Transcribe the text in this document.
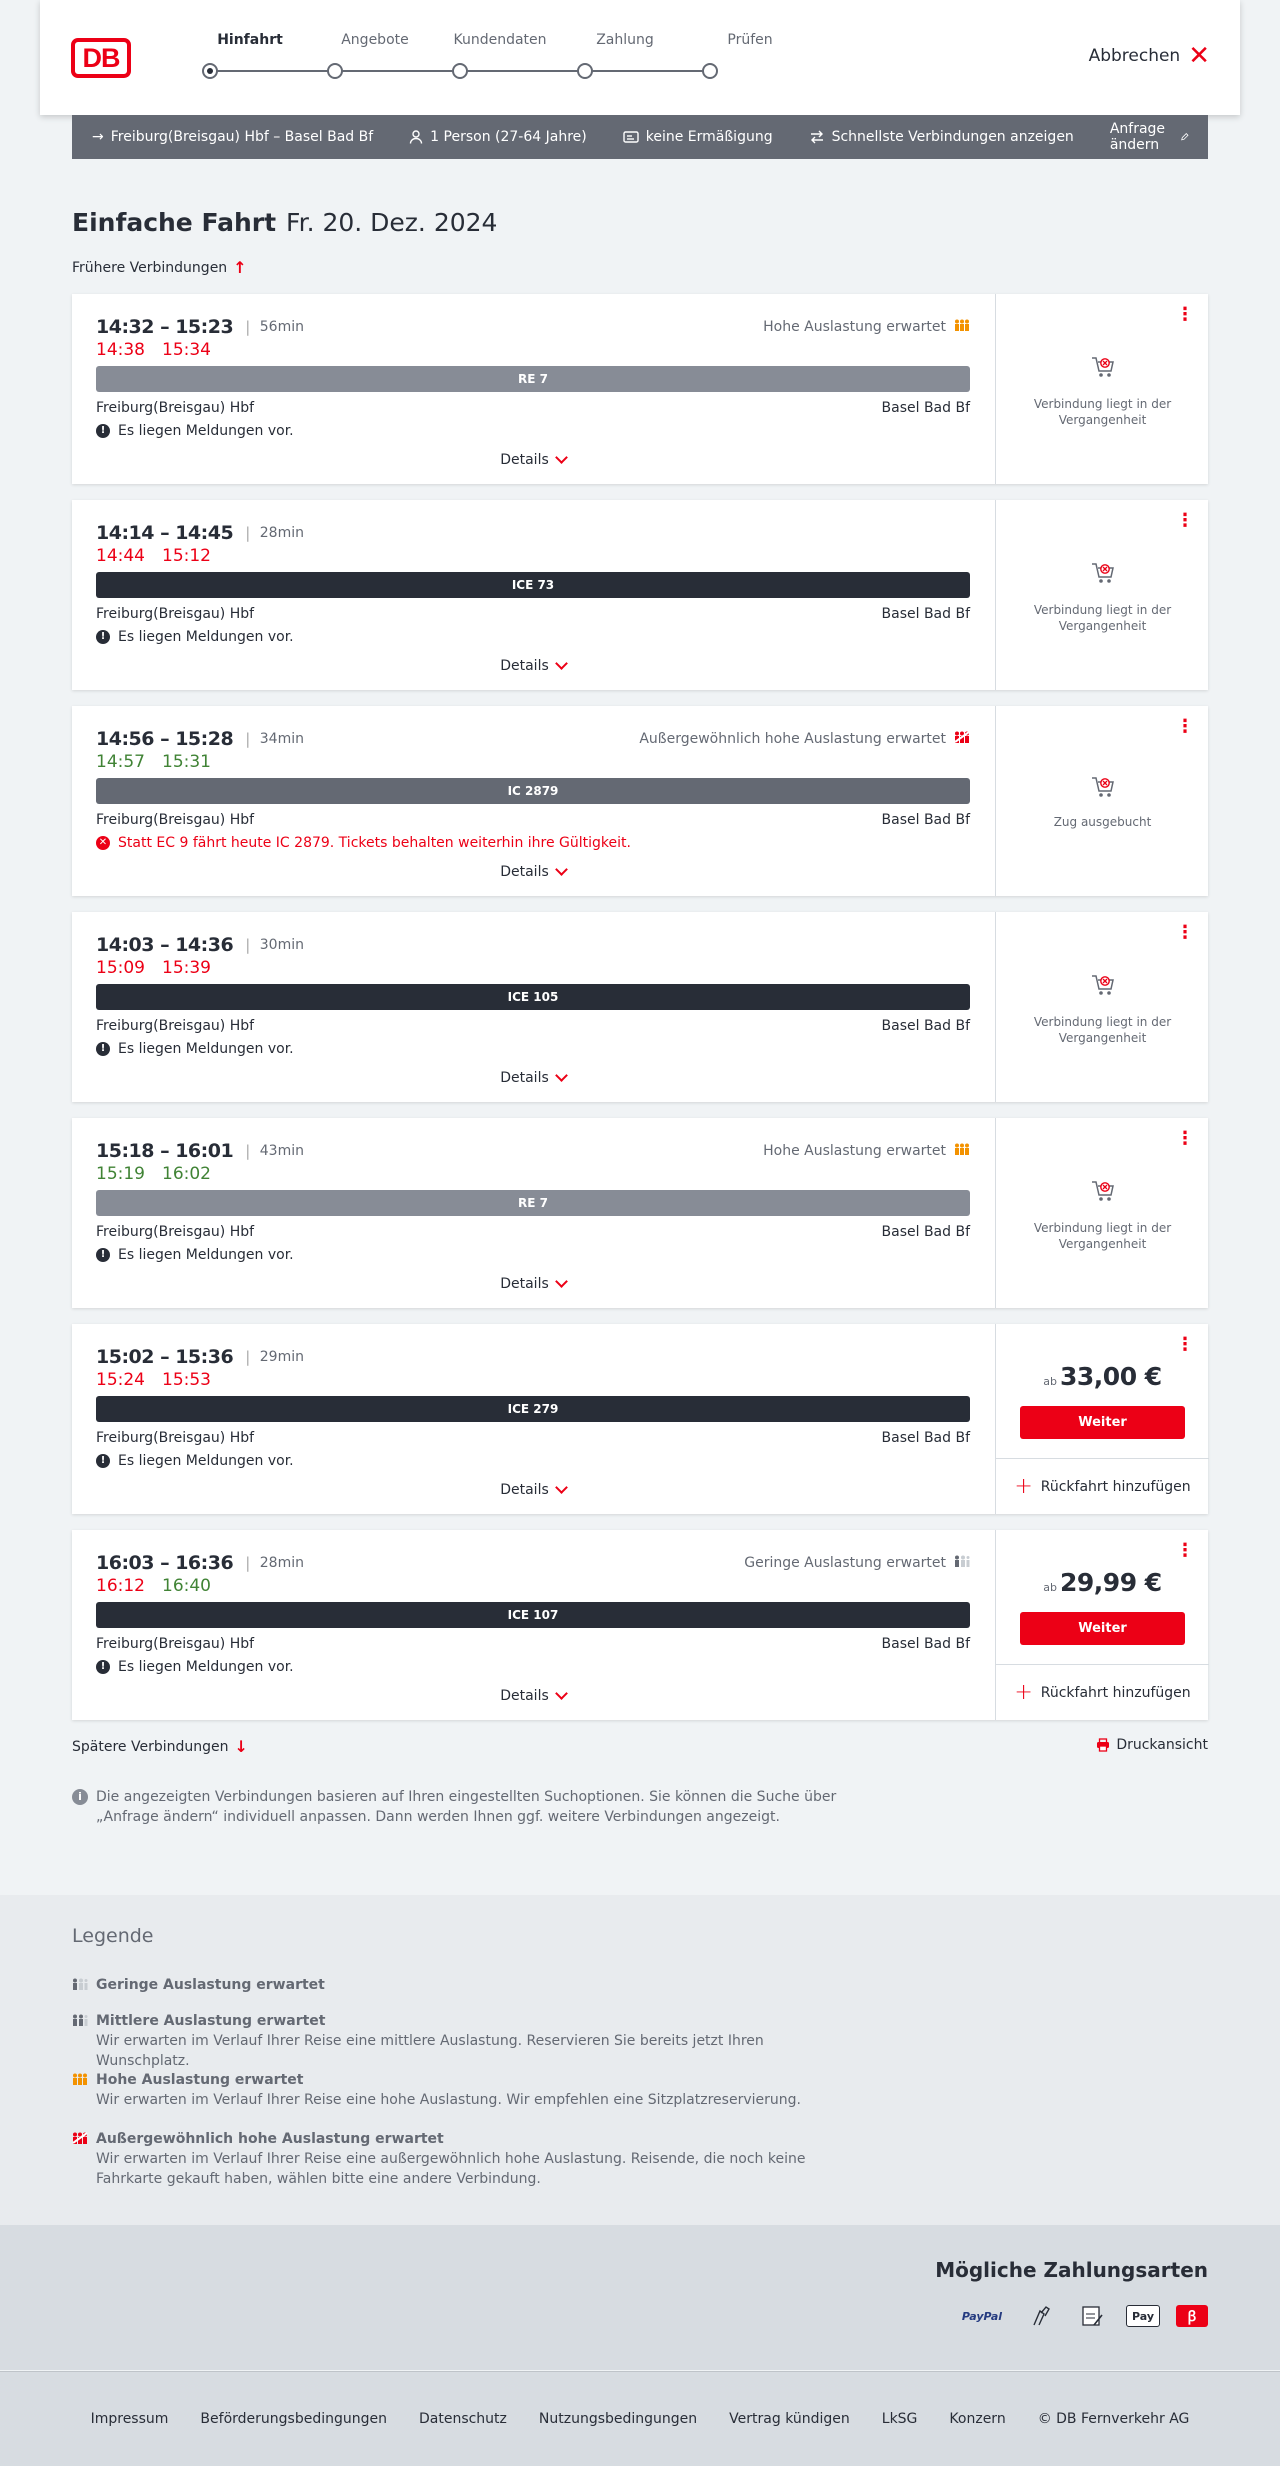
DB
Hinfahrt	Angebote	Kundendaten	Zahlung	Prüfen
Abbrechen ✕
→ Freiburg(Breisgau) Hbf – Basel Bad Bf	1 Person (27-64 Jahre)	keine Ermäßigung	Schnellste Verbindungen anzeigen	Anfrage ändern
Einfache Fahrt Fr. 20. Dez. 2024
Frühere Verbindungen ↑
14:32 – 15:23 | 56min
14:38 15:34
Hohe Auslastung erwartet
RE 7
Freiburg(Breisgau) Hbf	Basel Bad Bf
! Es liegen Meldungen vor.
Details
⋮
Verbindung liegt in der Vergangenheit
14:14 – 14:45 | 28min
14:44 15:12
ICE 73
Freiburg(Breisgau) Hbf	Basel Bad Bf
! Es liegen Meldungen vor.
Details
⋮
Verbindung liegt in der Vergangenheit
14:56 – 15:28 | 34min
14:57 15:31
Außergewöhnlich hohe Auslastung erwartet
IC 2879
Freiburg(Breisgau) Hbf	Basel Bad Bf
✕ Statt EC 9 fährt heute IC 2879. Tickets behalten weiterhin ihre Gültigkeit.
Details
⋮
Zug ausgebucht
14:03 – 14:36 | 30min
15:09 15:39
ICE 105
Freiburg(Breisgau) Hbf	Basel Bad Bf
! Es liegen Meldungen vor.
Details
⋮
Verbindung liegt in der Vergangenheit
15:18 – 16:01 | 43min
15:19 16:02
Hohe Auslastung erwartet
RE 7
Freiburg(Breisgau) Hbf	Basel Bad Bf
! Es liegen Meldungen vor.
Details
⋮
Verbindung liegt in der Vergangenheit
15:02 – 15:36 | 29min
15:24 15:53
ICE 279
Freiburg(Breisgau) Hbf	Basel Bad Bf
! Es liegen Meldungen vor.
Details
⋮
ab 33,00 €
Weiter
+ Rückfahrt hinzufügen
16:03 – 16:36 | 28min
16:12 16:40
Geringe Auslastung erwartet
ICE 107
Freiburg(Breisgau) Hbf	Basel Bad Bf
! Es liegen Meldungen vor.
Details
⋮
ab 29,99 €
Weiter
+ Rückfahrt hinzufügen
Spätere Verbindungen ↓	Druckansicht
i	Die angezeigten Verbindungen basieren auf Ihren eingestellten Suchoptionen. Sie können die Suche über „Anfrage ändern“ individuell anpassen. Dann werden Ihnen ggf. weitere Verbindungen angezeigt.
Legende
Geringe Auslastung erwartet
Mittlere Auslastung erwartet

Wir erwarten im Verlauf Ihrer Reise eine mittlere Auslastung. Reservieren Sie bereits jetzt Ihren Wunschplatz.

Hohe Auslastung erwartet

Wir erwarten im Verlauf Ihrer Reise eine hohe Auslastung. Wir empfehlen eine Sitzplatzreservierung.

Außergewöhnlich hohe Auslastung erwartet

Wir erwarten im Verlauf Ihrer Reise eine außergewöhnlich hohe Auslastung. Reisende, die noch keine Fahrkarte gekauft haben, wählen bitte eine andere Verbindung.

Mögliche Zahlungsarten
PayPal	Pay	ꞵ
Impressum Beförderungsbedingungen Datenschutz Nutzungsbedingungen Vertrag kündigen LkSG Konzern © DB Fernverkehr AG
